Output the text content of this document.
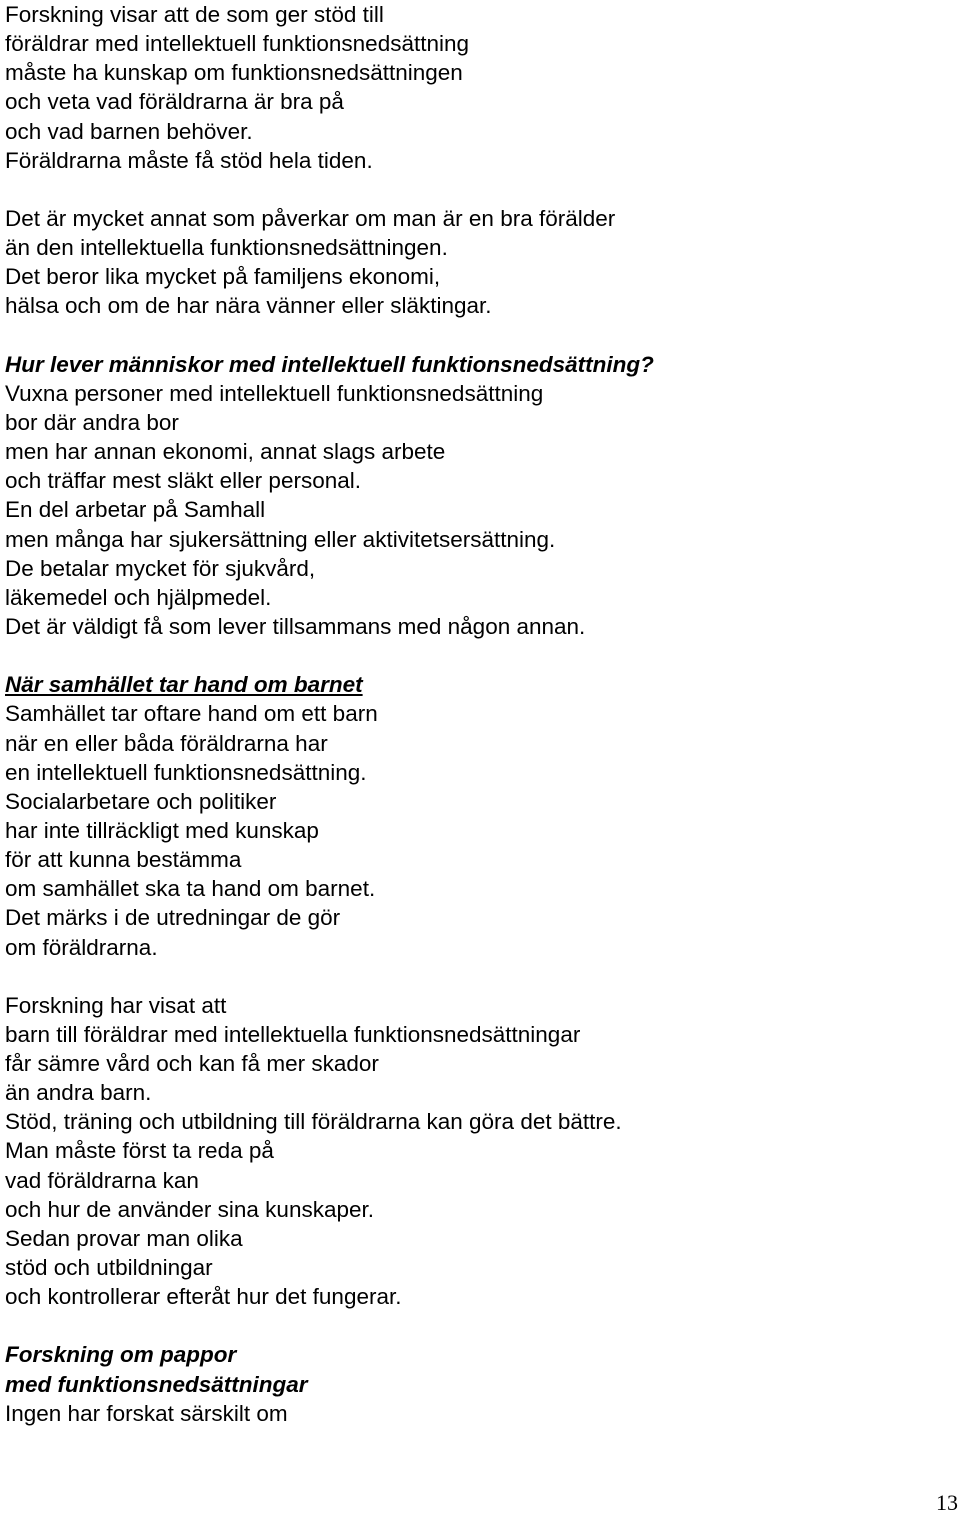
Forskning visar att de som ger stöd till
föräldrar med intellektuell funktionsnedsättning
måste ha kunskap om funktionsnedsättningen
och veta vad föräldrarna är bra på
och vad barnen behöver.
Föräldrarna måste få stöd hela tiden.
Det är mycket annat som påverkar om man är en bra förälder
än den intellektuella funktionsnedsättningen.
Det beror lika mycket på familjens ekonomi,
hälsa och om de har nära vänner eller släktingar.
Hur lever människor med intellektuell funktionsnedsättning?
Vuxna personer med intellektuell funktionsnedsättning
bor där andra bor
men har annan ekonomi, annat slags arbete
och träffar mest släkt eller personal.
En del arbetar på Samhall
men många har sjukersättning eller aktivitetsersättning.
De betalar mycket för sjukvård,
läkemedel och hjälpmedel.
Det är väldigt få som lever tillsammans med någon annan.
När samhället tar hand om barnet
Samhället tar oftare hand om ett barn
när en eller båda föräldrarna har
en intellektuell funktionsnedsättning.
Socialarbetare och politiker
har inte tillräckligt med kunskap
för att kunna bestämma
om samhället ska ta hand om barnet.
Det märks i de utredningar de gör
om föräldrarna.
Forskning har visat att
barn till föräldrar med intellektuella funktionsnedsättningar
får sämre vård och kan få mer skador
än andra barn.
Stöd, träning och utbildning till föräldrarna kan göra det bättre.
Man måste först ta reda på
vad föräldrarna kan
och hur de använder sina kunskaper.
Sedan provar man olika
stöd och utbildningar
och kontrollerar efteråt hur det fungerar.
Forskning om pappor
med funktionsnedsättningar
Ingen har forskat särskilt om
13
